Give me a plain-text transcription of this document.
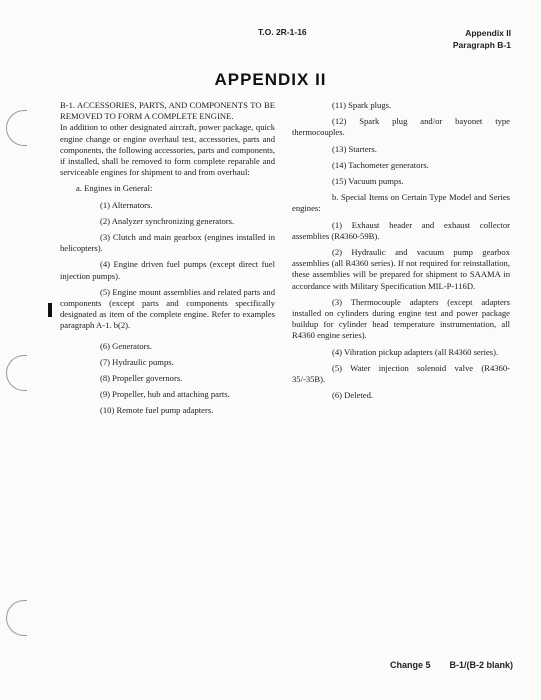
T.O. 2R-1-16	Appendix II
Paragraph B-1
APPENDIX II

B-1. ACCESSORIES, PARTS, AND COMPONENTS TO BE REMOVED TO FORM A COMPLETE ENGINE.

In addition to other designated aircraft, power package, quick engine change or engine overhaul test, accessories, parts and components, the following accessories, parts and components, if installed, shall be removed to form complete reparable and serviceable engines for shipment to and from overhaul:

a. Engines in General:

(1) Alternators.

(2) Analyzer synchronizing generators.

(3) Clutch and main gearbox (engines installed in helicopters).

(4) Engine driven fuel pumps (except direct fuel injection pumps).

(5) Engine mount assemblies and related parts and components (except parts and components specifically designated as item of the complete engine. Refer to examples paragraph A-1. b(2).

(6) Generators.

(7) Hydraulic pumps.

(8) Propeller governors.

(9) Propeller, hub and attaching parts.

(10) Remote fuel pump adapters.

(11) Spark plugs.

(12) Spark plug and/or bayonet type thermocouples.

(13) Starters.

(14) Tachometer generators.

(15) Vacuum pumps.

b. Special Items on Certain Type Model and Series engines:

(1) Exhaust header and exhaust collector assemblies (R4360-59B).

(2) Hydraulic and vacuum pump gearbox assemblies (all R4360 series). If not required for reinstallation, these assemblies will be prepared for shipment to SAAMA in accordance with Military Specification MIL-P-116D.

(3) Thermocouple adapters (except adapters installed on cylinders during engine test and power package buildup for cylinder head temperature instrumentation, all R4360 engine series).

(4) Vibration pickup adapters (all R4360 series).

(5) Water injection solenoid valve (R4360-35/-35B).

(6) Deleted.

Change 5 B-1/(B-2 blank)
